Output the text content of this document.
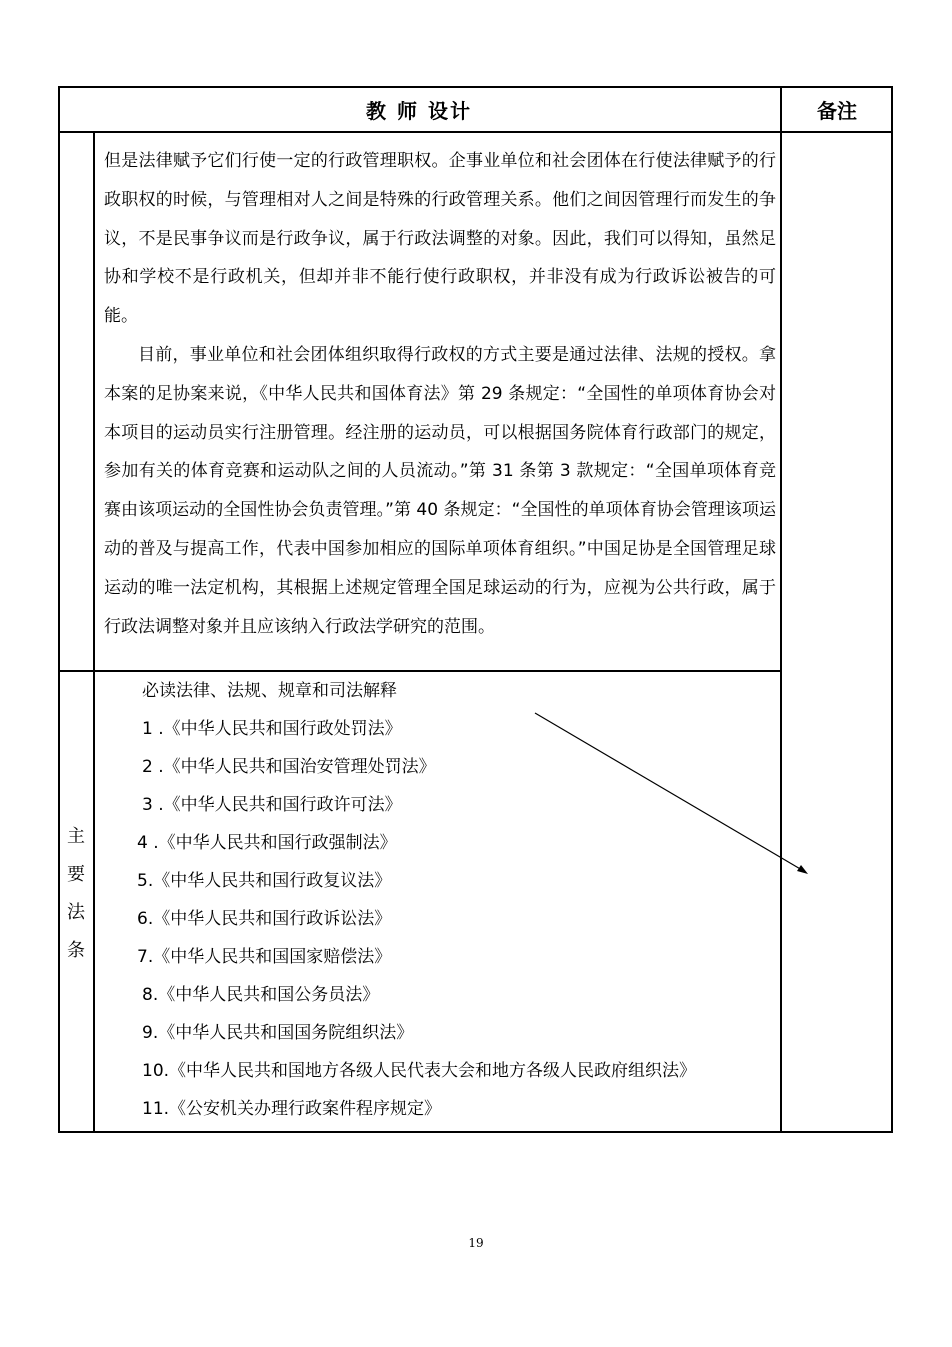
教 师 设计	备注

但是法律赋予它们行使一定的行政管理职权。企事业单位和社会团体在行使法律赋予的行政职权的时候，与管理相对人之间是特殊的行政管理关系。他们之间因管理行而发生的争议，不是民事争议而是行政争议，属于行政法调整的对象。因此，我们可以得知，虽然足协和学校不是行政机关，但却并非不能行使行政职权，并非没有成为行政诉讼被告的可能。

目前，事业单位和社会团体组织取得行政权的方式主要是通过法律、法规的授权。拿本案的足协案来说，《中华人民共和国体育法》第 29 条规定：“全国性的单项体育协会对本项目的运动员实行注册管理。经注册的运动员，可以根据国务院体育行政部门的规定，参加有关的体育竞赛和运动队之间的人员流动。”第 31 条第 3 款规定：“全国单项体育竞赛由该项运动的全国性协会负责管理。”第 40 条规定：“全国性的单项体育协会管理该项运动的普及与提高工作，代表中国参加相应的国际单项体育组织。”中国足协是全国管理足球运动的唯一法定机构，其根据上述规定管理全国足球运动的行为，应视为公共行政，属于行政法调整对象并且应该纳入行政法学研究的范围。

主
要
法
条
必读法律、法规、规章和司法解释
1 .《中华人民共和国行政处罚法》
2 .《中华人民共和国治安管理处罚法》
3 .《中华人民共和国行政许可法》
4 .《中华人民共和国行政强制法》
5.《中华人民共和国行政复议法》
6.《中华人民共和国行政诉讼法》
7.《中华人民共和国国家赔偿法》
8.《中华人民共和国公务员法》
9.《中华人民共和国国务院组织法》
10.《中华人民共和国地方各级人民代表大会和地方各级人民政府组织法》
11.《公安机关办理行政案件程序规定》
19
